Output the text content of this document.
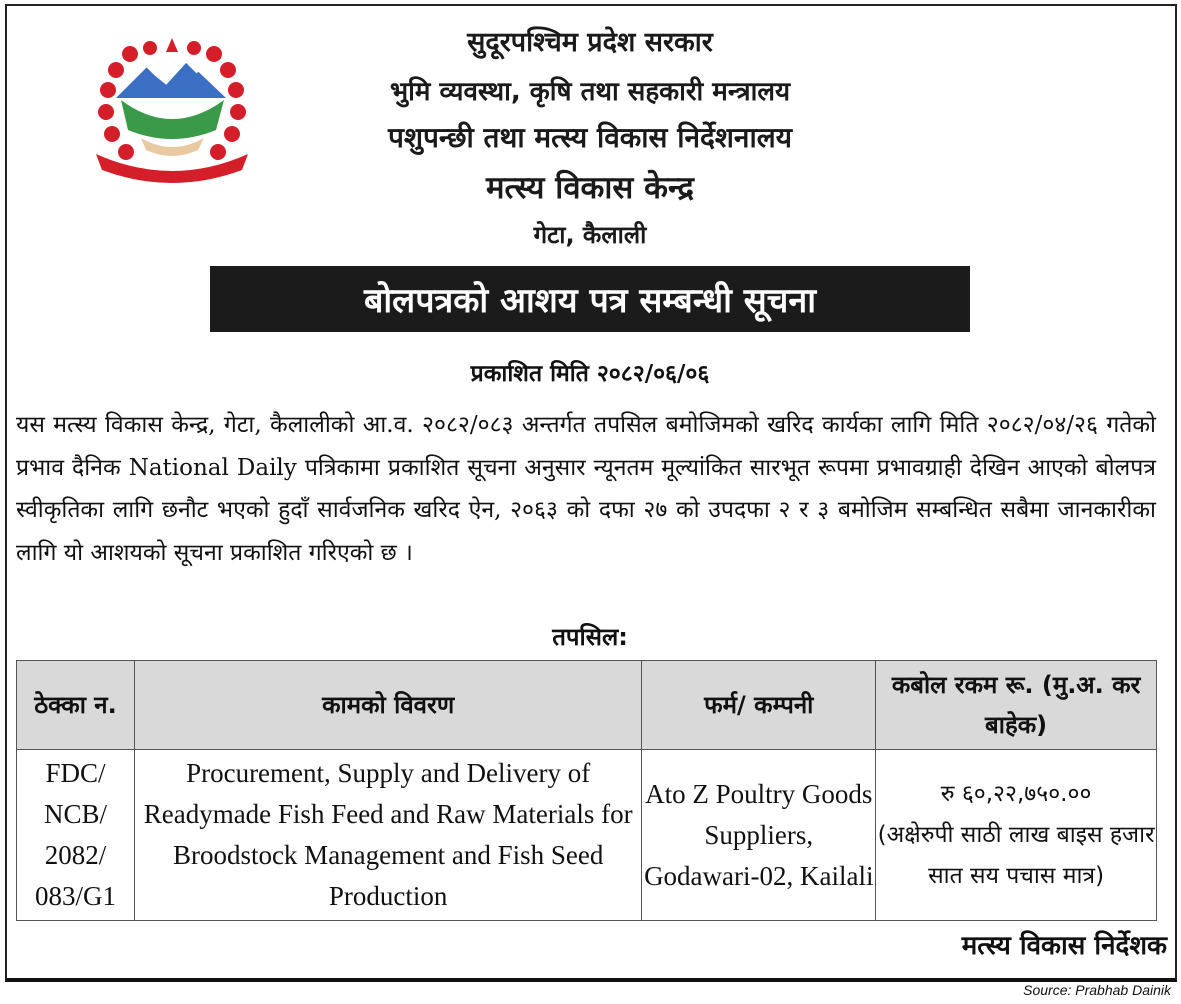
सुदूरपश्चिम प्रदेश सरकार
भुमि व्यवस्था, कृषि तथा सहकारी मन्त्रालय
पशुपन्छी तथा मत्स्य विकास निर्देशनालय
मत्स्य विकास केन्द्र
गेटा, कैलाली
बोलपत्रको आशय पत्र सम्बन्धी सूचना
प्रकाशित मिति २०८२/०६/०६
यस मत्स्य विकास केन्द्र, गेटा, कैलालीको आ.व. २०८२/०८३ अन्तर्गत तपसिल बमोजिमको खरिद कार्यका लागि मिति २०८२/०४/२६ गतेको प्रभाव दैनिक National Daily पत्रिकामा प्रकाशित सूचना अनुसार न्यूनतम मूल्यांकित सारभूत रूपमा प्रभावग्राही देखिन आएको बोलपत्र स्वीकृतिका लागि छनौट भएको हुदाँ सार्वजनिक खरिद ऐन, २०६३ को दफा २७ को उपदफा २ र ३ बमोजिम सम्बन्धित सबैमा जानकारीका लागि यो आशयको सूचना प्रकाशित गरिएको छ ।
तपसिल:
ठेक्का न.	कामको विवरण	फर्म/ कम्पनी	कबोल रकम रू. (मु.अ. कर बाहेक)
FDC/ NCB/ 2082/ 083/G1	Procurement, Supply and Delivery of Readymade Fish Feed and Raw Materials for Broodstock Management and Fish Seed Production	Ato Z Poultry Goods Suppliers, Godawari-02, Kailali	रु ६०,२२,७५०.००
(अक्षेरुपी साठी लाख बाइस हजार सात सय पचास मात्र)
मत्स्य विकास निर्देशक
Source: Prabhab Dainik
